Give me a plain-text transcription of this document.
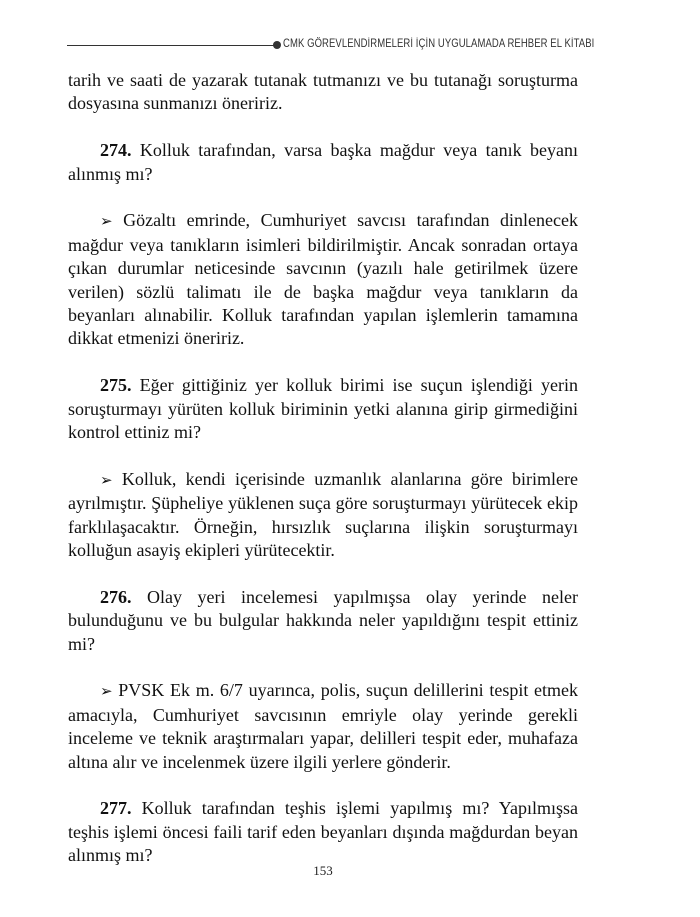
CMK GÖREVLENDİRMELERİ İÇİN UYGULAMADA REHBER EL KİTABI

tarih ve saati de yazarak tutanak tutmanızı ve bu tutanağı soruşturma dosyasına sunmanızı öneririz.

274. Kolluk tarafından, varsa başka mağdur veya tanık beyanı alınmış mı?

➢ Gözaltı emrinde, Cumhuriyet savcısı tarafından dinlenecek mağdur veya tanıkların isimleri bildirilmiştir. Ancak sonradan ortaya çıkan durumlar neticesinde savcının (yazılı hale getirilmek üzere verilen) sözlü talimatı ile de başka mağdur veya tanıkların da beyanları alınabilir. Kolluk tarafından yapılan işlemlerin tamamına dikkat etmenizi öneririz.

275. Eğer gittiğiniz yer kolluk birimi ise suçun işlendiği yerin soruşturmayı yürüten kolluk biriminin yetki alanına girip girmediğini kontrol ettiniz mi?

➢ Kolluk, kendi içerisinde uzmanlık alanlarına göre birimlere ayrılmıştır. Şüpheliye yüklenen suça göre soruşturmayı yürütecek ekip farklılaşacaktır. Örneğin, hırsızlık suçlarına ilişkin soruşturmayı kolluğun asayiş ekipleri yürütecektir.

276. Olay yeri incelemesi yapılmışsa olay yerinde neler bulunduğunu ve bu bulgular hakkında neler yapıldığını tespit ettiniz mi?

➢ PVSK Ek m. 6/7 uyarınca, polis, suçun delillerini tespit etmek amacıyla, Cumhuriyet savcısının emriyle olay yerinde gerekli inceleme ve teknik araştırmaları yapar, delilleri tespit eder, muhafaza altına alır ve incelenmek üzere ilgili yerlere gönderir.

277. Kolluk tarafından teşhis işlemi yapılmış mı? Yapılmışsa teşhis işlemi öncesi faili tarif eden beyanları dışında mağdurdan beyan alınmış mı?

153
